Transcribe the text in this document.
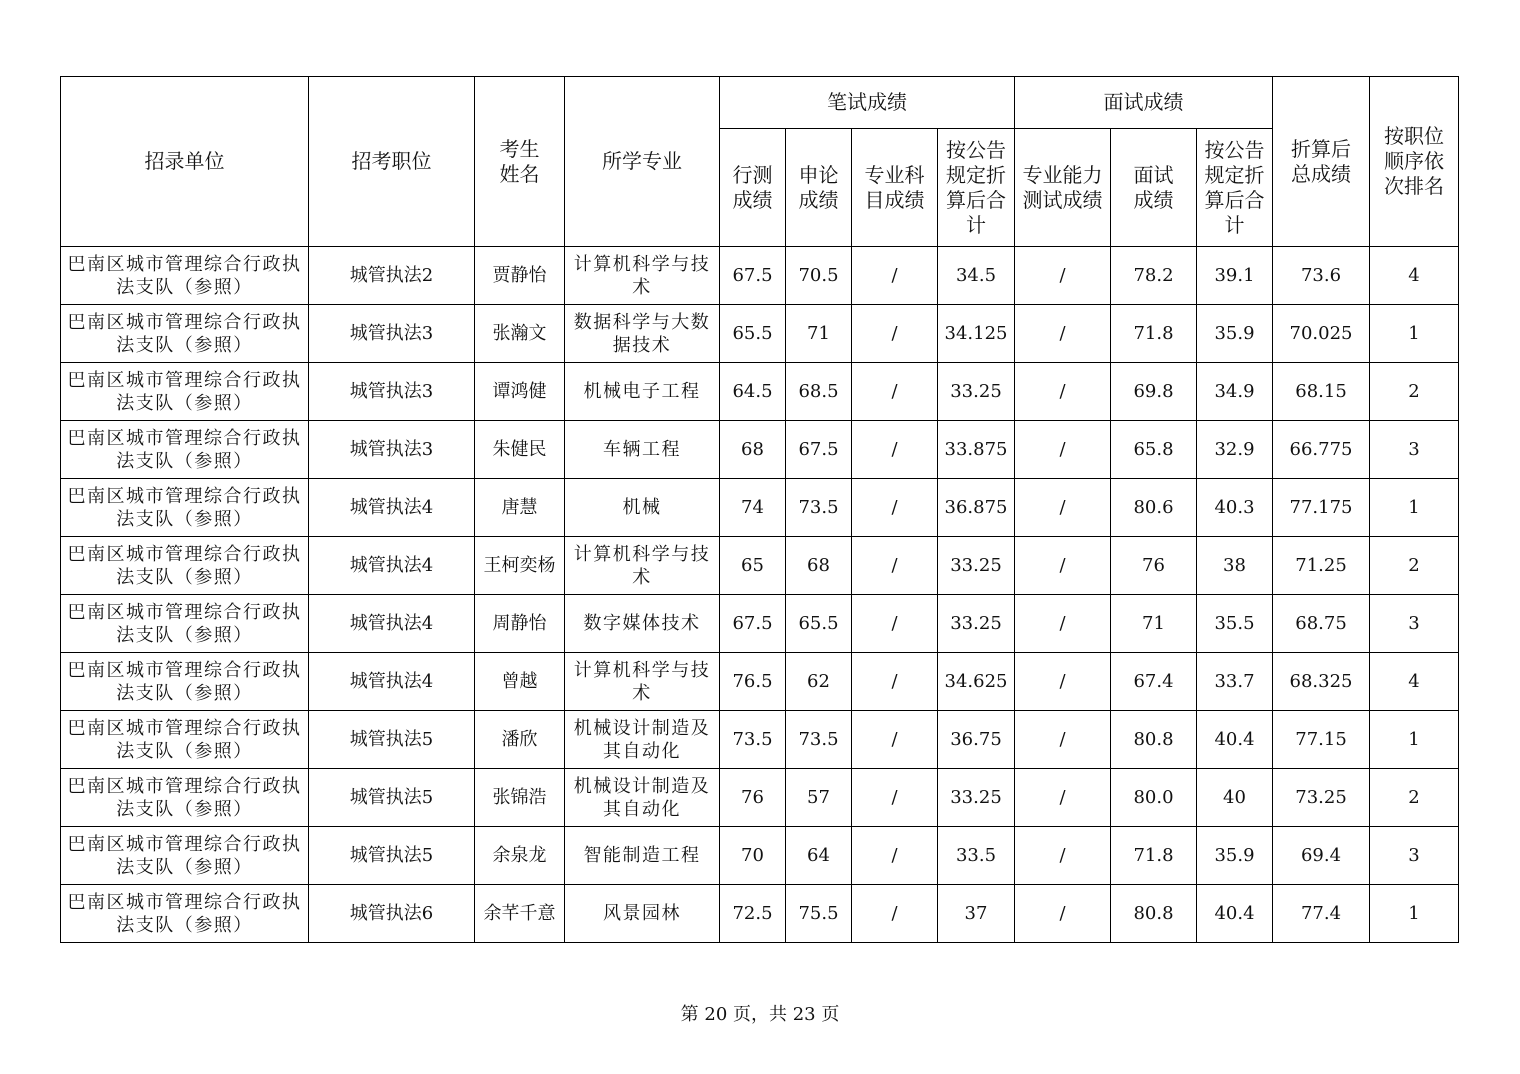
招录单位	招考职位	考生姓名	所学专业	笔试成绩				面试成绩			折算后总成绩	按职位顺序依次排名
				行测成绩	申论成绩	专业科目成绩	按公告规定折算后合计	专业能力测试成绩	面试成绩	按公告规定折算后合计		
巴南区城市管理综合行政执法支队（参照）	城管执法2	贾静怡	计算机科学与技术	67.5	70.5	/	34.5	/	78.2	39.1	73.6	4
巴南区城市管理综合行政执法支队（参照）	城管执法3	张瀚文	数据科学与大数据技术	65.5	71	/	34.125	/	71.8	35.9	70.025	1
巴南区城市管理综合行政执法支队（参照）	城管执法3	谭鸿健	机械电子工程	64.5	68.5	/	33.25	/	69.8	34.9	68.15	2
巴南区城市管理综合行政执法支队（参照）	城管执法3	朱健民	车辆工程	68	67.5	/	33.875	/	65.8	32.9	66.775	3
巴南区城市管理综合行政执法支队（参照）	城管执法4	唐慧	机械	74	73.5	/	36.875	/	80.6	40.3	77.175	1
巴南区城市管理综合行政执法支队（参照）	城管执法4	王柯奕杨	计算机科学与技术	65	68	/	33.25	/	76	38	71.25	2
巴南区城市管理综合行政执法支队（参照）	城管执法4	周静怡	数字媒体技术	67.5	65.5	/	33.25	/	71	35.5	68.75	3
巴南区城市管理综合行政执法支队（参照）	城管执法4	曾越	计算机科学与技术	76.5	62	/	34.625	/	67.4	33.7	68.325	4
巴南区城市管理综合行政执法支队（参照）	城管执法5	潘欣	机械设计制造及其自动化	73.5	73.5	/	36.75	/	80.8	40.4	77.15	1
巴南区城市管理综合行政执法支队（参照）	城管执法5	张锦浩	机械设计制造及其自动化	76	57	/	33.25	/	80.0	40	73.25	2
巴南区城市管理综合行政执法支队（参照）	城管执法5	余泉龙	智能制造工程	70	64	/	33.5	/	71.8	35.9	69.4	3
巴南区城市管理综合行政执法支队（参照）	城管执法6	余芊千意	风景园林	72.5	75.5	/	37	/	80.8	40.4	77.4	1
第 20 页，共 23 页
